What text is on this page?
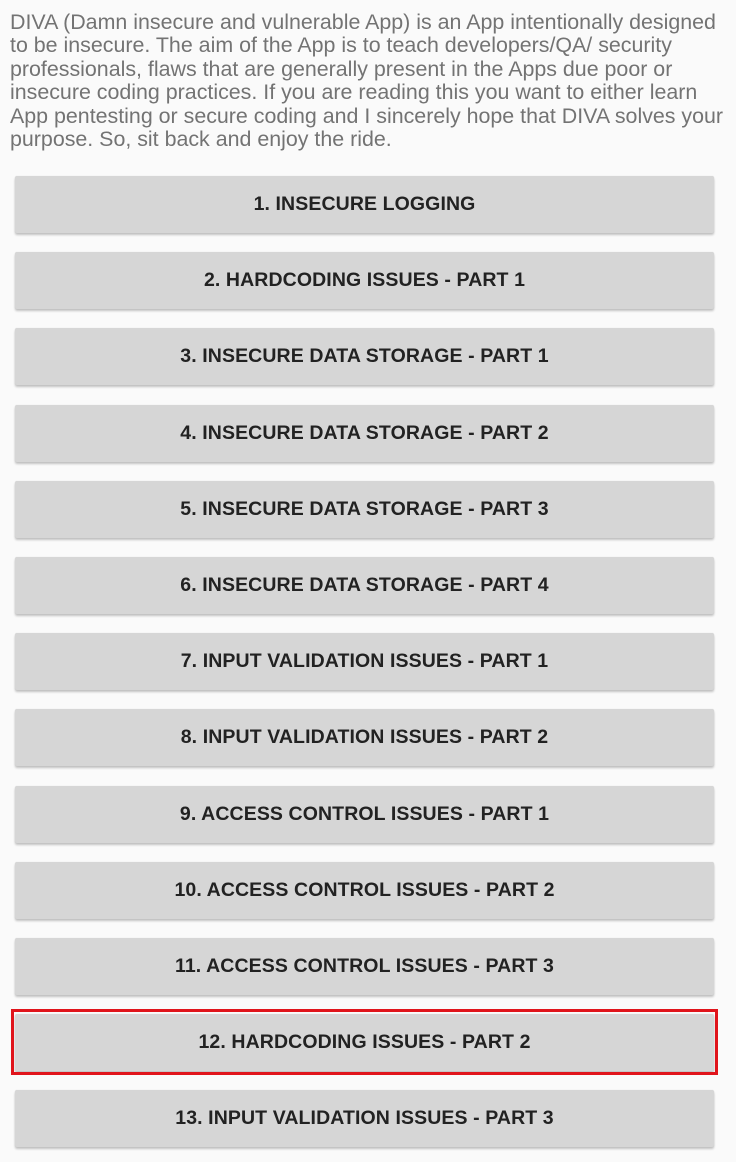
DIVA (Damn insecure and vulnerable App) is an App intentionally designed to be insecure. The aim of the App is to teach developers/QA/ security professionals, flaws that are generally present in the Apps due poor or insecure coding practices. If you are reading this you want to either learn App pentesting or secure coding and I sincerely hope that DIVA solves your purpose. So, sit back and enjoy the ride.

1. INSECURE LOGGING
2. HARDCODING ISSUES - PART 1
3. INSECURE DATA STORAGE - PART 1
4. INSECURE DATA STORAGE - PART 2
5. INSECURE DATA STORAGE - PART 3
6. INSECURE DATA STORAGE - PART 4
7. INPUT VALIDATION ISSUES - PART 1
8. INPUT VALIDATION ISSUES - PART 2
9. ACCESS CONTROL ISSUES - PART 1
10. ACCESS CONTROL ISSUES - PART 2
11. ACCESS CONTROL ISSUES - PART 3
12. HARDCODING ISSUES - PART 2
13. INPUT VALIDATION ISSUES - PART 3
